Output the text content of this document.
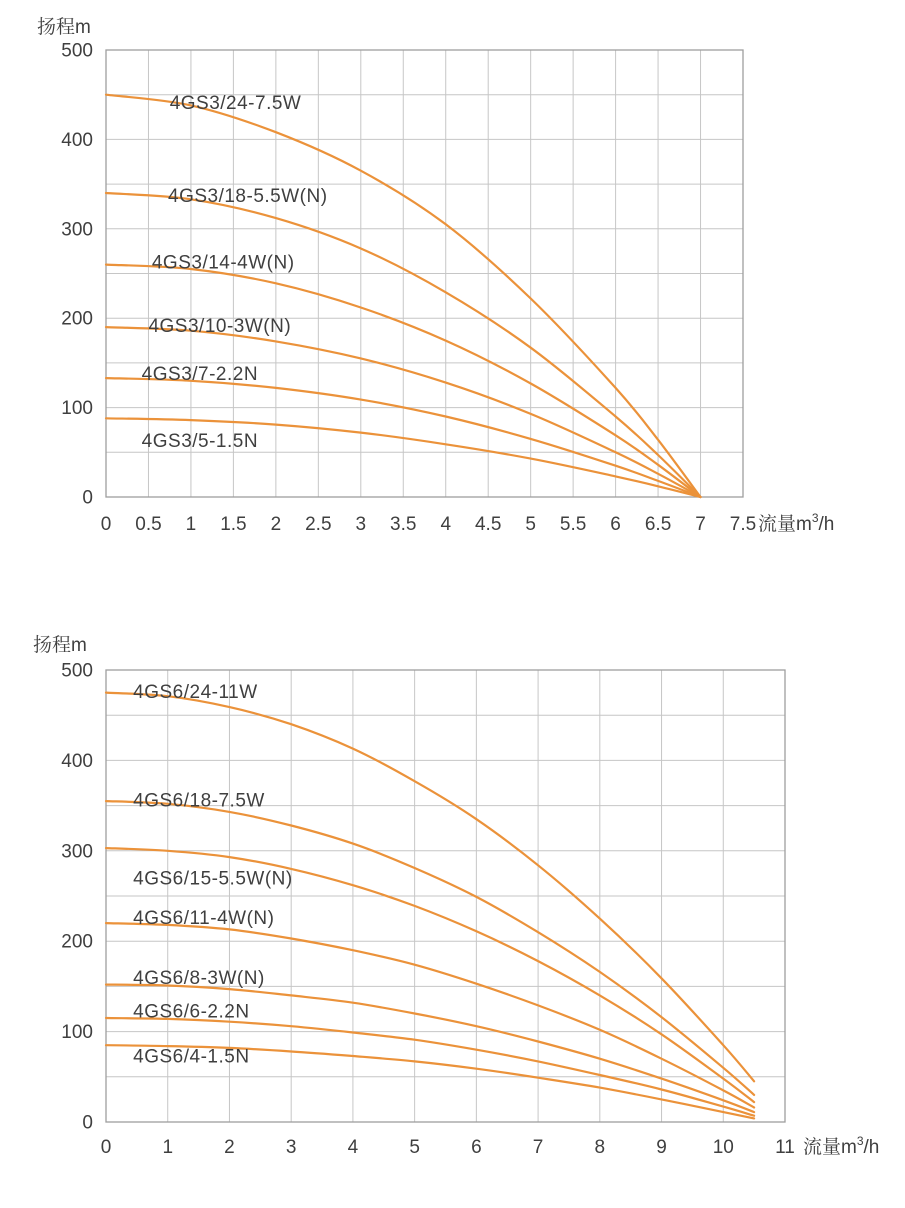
4GS3/24-7.5W
4GS3/18-5.5W(N)
4GS3/14-4W(N)
4GS3/10-3W(N)
4GS3/7-2.2N
4GS3/5-1.5N
0
100
200
300
400
500
0 0.5 1 1.5 2 2.5 3 3.5 4 4.5 5 5.5 6 6.5 7 7.5
扬程m
流量$m^3/h$
4GS6/24-11W
4GS6/18-7.5W
4GS6/15-5.5W(N)
4GS6/11-4W(N)
4GS6/8-3W(N)
4GS6/6-2.2N
4GS6/4-1.5N
0
100
200
300
400
500
0	1	2	3	4	5	6	7	8	9 10 11
扬程m
流量$m^3/h$
